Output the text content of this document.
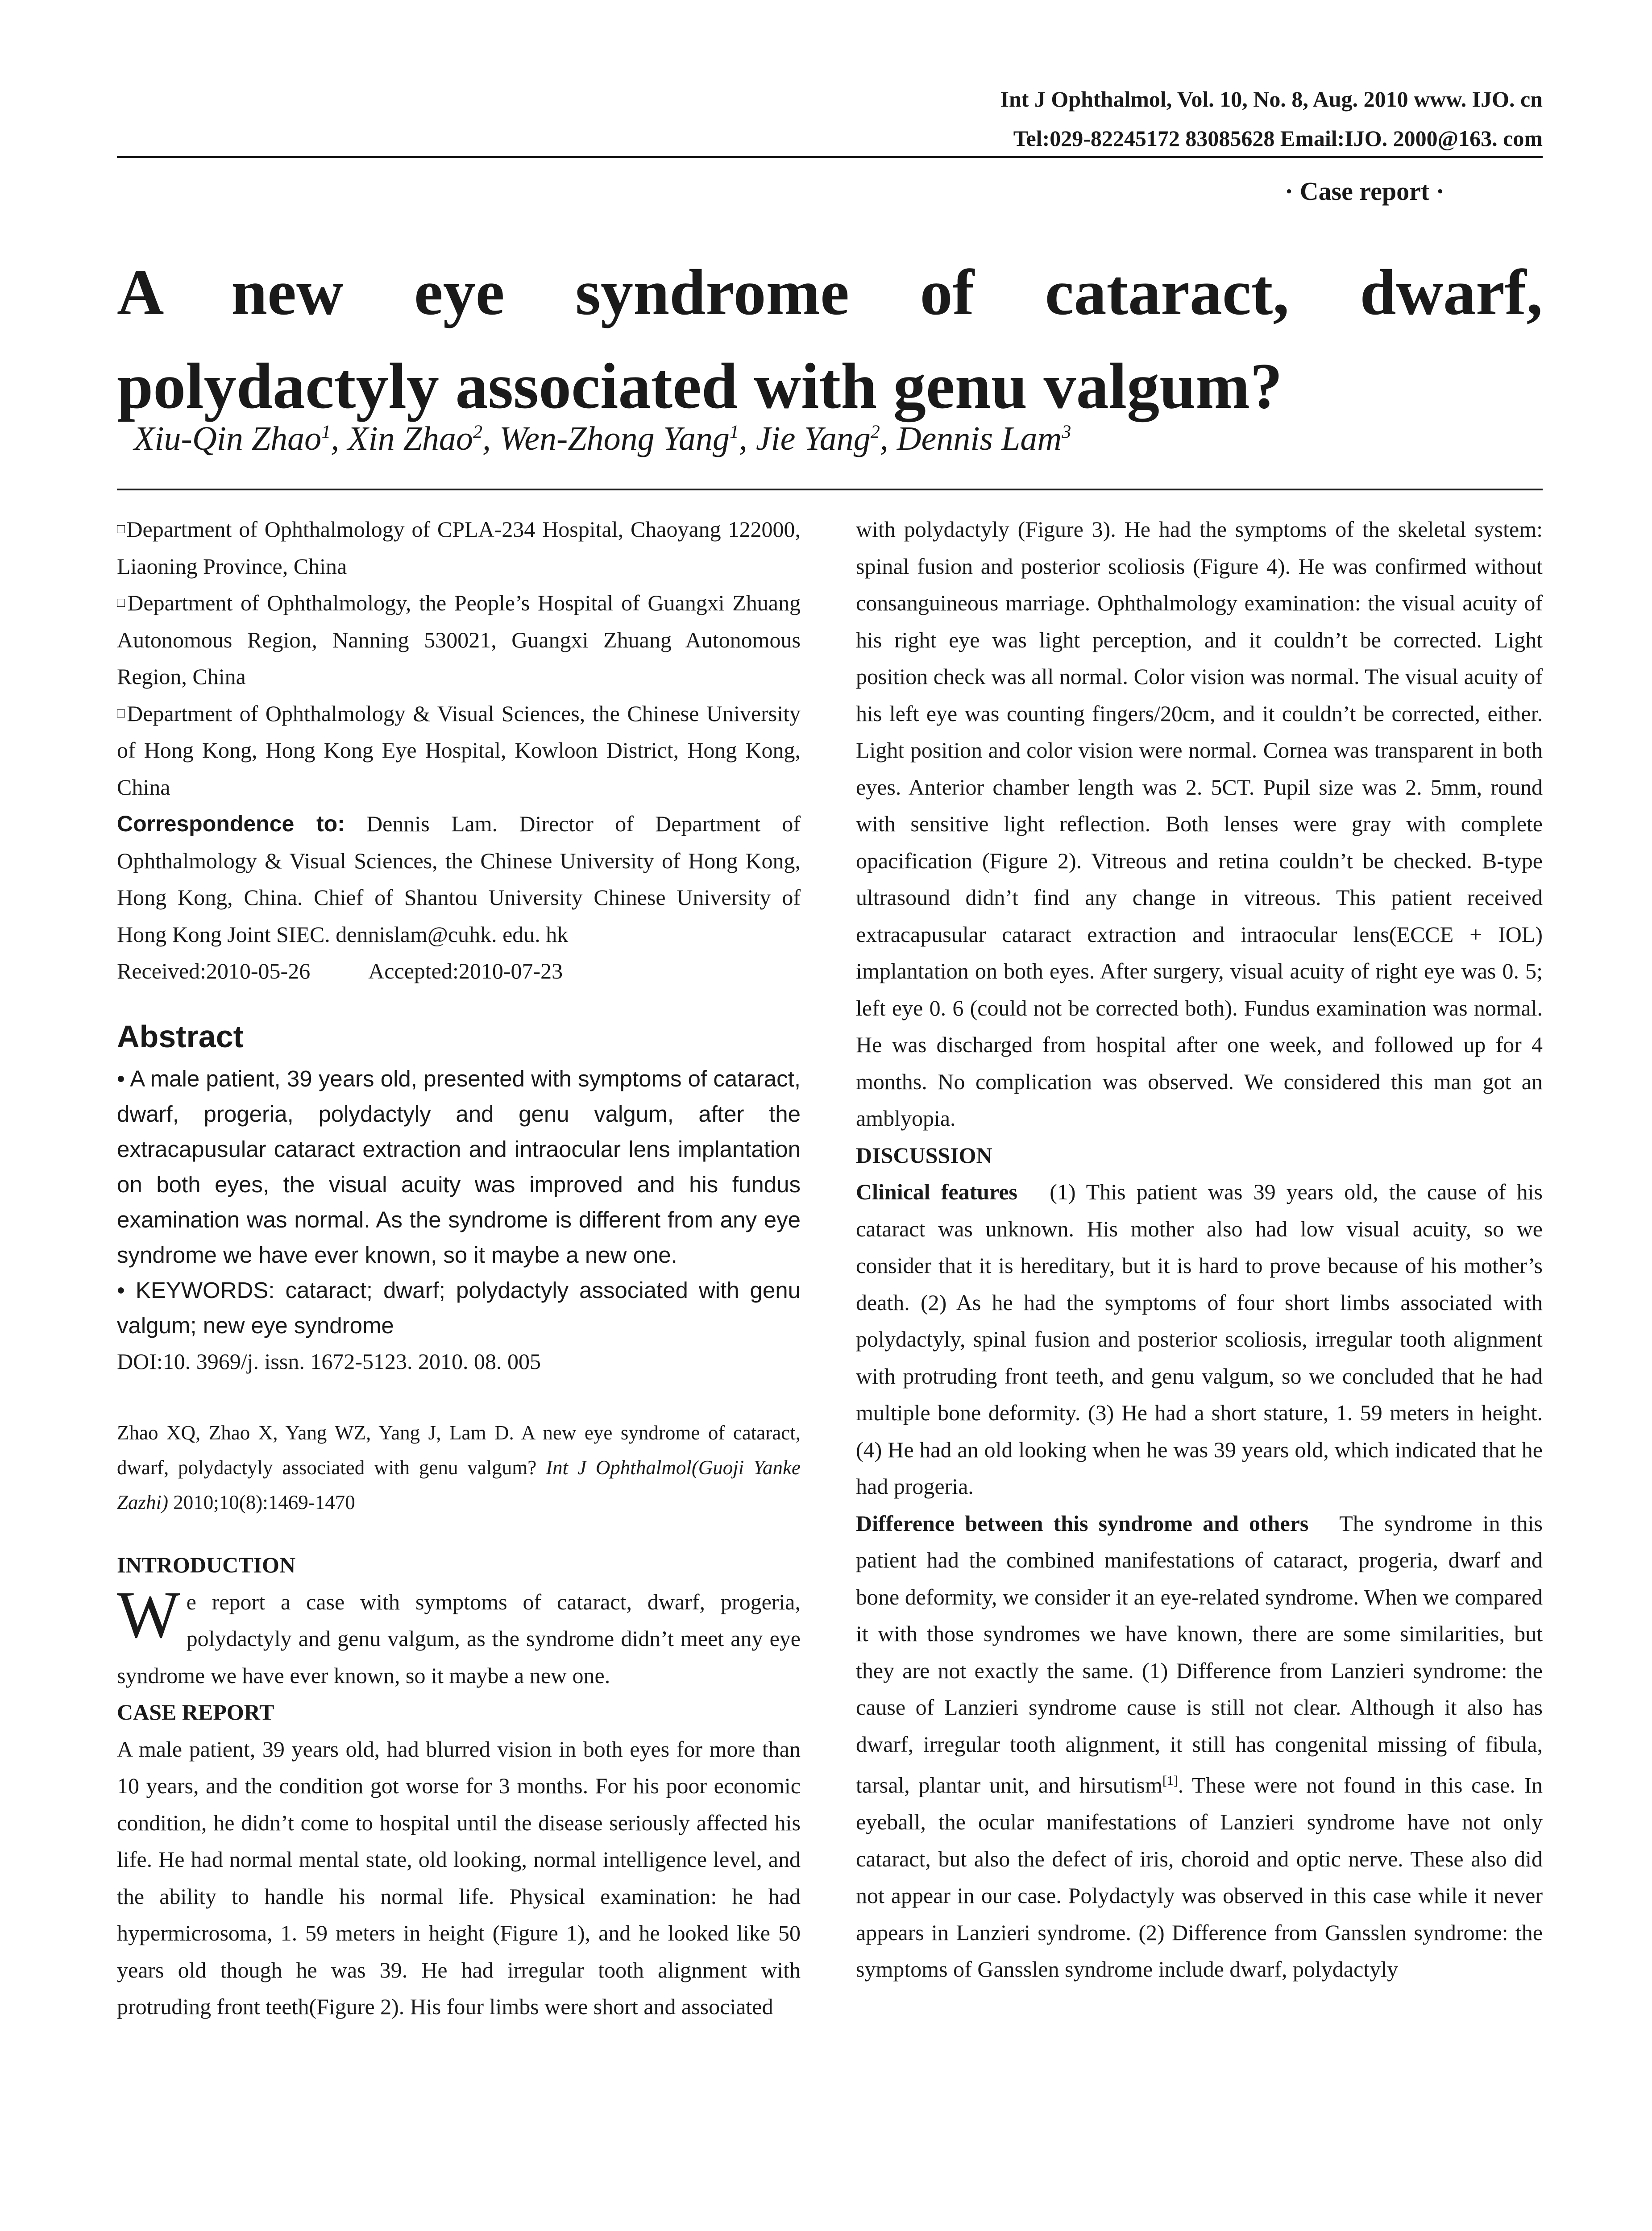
Int J Ophthalmol, Vol. 10, No. 8, Aug. 2010 www. IJO. cn
Tel:029-82245172 83085628 Email:IJO. 2000@163. com
· Case report ·
A new eye syndrome of cataract, dwarf, polydactyly associated with genu valgum?
Xiu-Qin Zhao$^1$, Xin Zhao$^2$, Wen-Zhong Yang$^1$, Jie Yang$^2$, Dennis Lam$^3$

□Department of Ophthalmology of CPLA-234 Hospital, Chaoyang 122000, Liaoning Province, China

□Department of Ophthalmology, the People’s Hospital of Guangxi Zhuang Autonomous Region, Nanning 530021, Guangxi Zhuang Autonomous Region, China

□Department of Ophthalmology & Visual Sciences, the Chinese University of Hong Kong, Hong Kong Eye Hospital, Kowloon District, Hong Kong, China

Correspondence to: Dennis Lam. Director of Department of Ophthalmology & Visual Sciences, the Chinese University of Hong Kong, Hong Kong, China. Chief of Shantou University Chinese University of Hong Kong Joint SIEC. dennislam@cuhk. edu. hk

Received:2010-05-26	Accepted:2010-07-23

Abstract

• A male patient, 39 years old, presented with symptoms of cataract, dwarf, progeria, polydactyly and genu valgum, after the extracapusular cataract extraction and intraocular lens implantation on both eyes, the visual acuity was improved and his fundus examination was normal. As the syndrome is different from any eye syndrome we have ever known, so it maybe a new one.

• KEYWORDS: cataract; dwarf; polydactyly associated with genu valgum; new eye syndrome

DOI:10. 3969/j. issn. 1672-5123. 2010. 08. 005

Zhao XQ, Zhao X, Yang WZ, Yang J, Lam D. A new eye syndrome of cataract, dwarf, polydactyly associated with genu valgum? Int J Ophthalmol(Guoji Yanke Zazhi) 2010;10(8):1469-1470

INTRODUCTION

We report a case with symptoms of cataract, dwarf, progeria, polydactyly and genu valgum, as the syndrome didn’t meet any eye syndrome we have ever known, so it maybe a new one.

CASE REPORT

A male patient, 39 years old, had blurred vision in both eyes for more than 10 years, and the condition got worse for 3 months. For his poor economic condition, he didn’t come to hospital until the disease seriously affected his life. He had normal mental state, old looking, normal intelligence level, and the ability to handle his normal life. Physical examination: he had hypermicrosoma, 1. 59 meters in height (Figure 1), and he looked like 50 years old though he was 39. He had irregular tooth alignment with protruding front teeth(Figure 2). His four limbs were short and associated

with polydactyly (Figure 3). He had the symptoms of the skeletal system: spinal fusion and posterior scoliosis (Figure 4). He was confirmed without consanguineous marriage. Ophthalmology examination: the visual acuity of his right eye was light perception, and it couldn’t be corrected. Light position check was all normal. Color vision was normal. The visual acuity of his left eye was counting fingers/20cm, and it couldn’t be corrected, either. Light position and color vision were normal. Cornea was transparent in both eyes. Anterior chamber length was 2. 5CT. Pupil size was 2. 5mm, round with sensitive light reflection. Both lenses were gray with complete opacification (Figure 2). Vitreous and retina couldn’t be checked. B-type ultrasound didn’t find any change in vitreous. This patient received extracapusular cataract extraction and intraocular lens(ECCE + IOL) implantation on both eyes. After surgery, visual acuity of right eye was 0. 5; left eye 0. 6 (could not be corrected both). Fundus examination was normal. He was discharged from hospital after one week, and followed up for 4 months. No complication was observed. We considered this man got an amblyopia.

DISCUSSION

Clinical features (1) This patient was 39 years old, the cause of his cataract was unknown. His mother also had low visual acuity, so we consider that it is hereditary, but it is hard to prove because of his mother’s death. (2) As he had the symptoms of four short limbs associated with polydactyly, spinal fusion and posterior scoliosis, irregular tooth alignment with protruding front teeth, and genu valgum, so we concluded that he had multiple bone deformity. (3) He had a short stature, 1. 59 meters in height. (4) He had an old looking when he was 39 years old, which indicated that he had progeria.

Difference between this syndrome and others The syndrome in this patient had the combined manifestations of cataract, progeria, dwarf and bone deformity, we consider it an eye-related syndrome. When we compared it with those syndromes we have known, there are some similarities, but they are not exactly the same. (1) Difference from Lanzieri syndrome: the cause of Lanzieri syndrome cause is still not clear. Although it also has dwarf, irregular tooth alignment, it still has congenital missing of fibula, tarsal, plantar unit, and hirsutism[1]. These were not found in this case. In eyeball, the ocular manifestations of Lanzieri syndrome have not only cataract, but also the defect of iris, choroid and optic nerve. These also did not appear in our case. Polydactyly was observed in this case while it never appears in Lanzieri syndrome. (2) Difference from Gansslen syndrome: the symptoms of Gansslen syndrome include dwarf, polydactyly
